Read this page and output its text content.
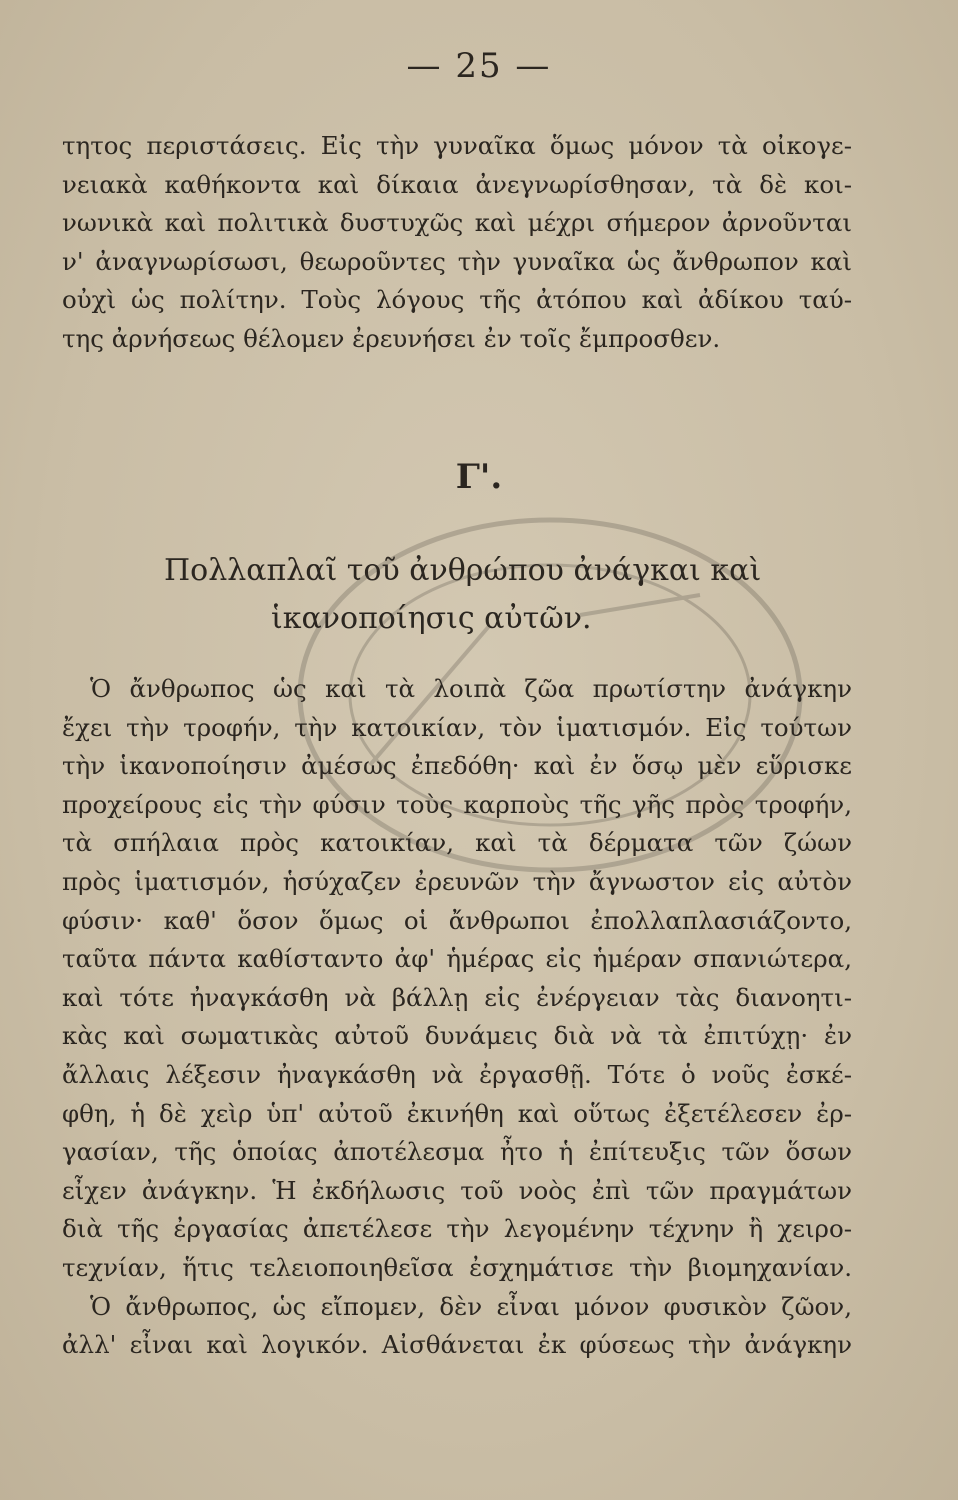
— 25 —
τητος περιστάσεις. Εἰς τὴν γυναῖκα ὅμως μόνον τὰ οἰκογε-
νειακὰ καθήκοντα καὶ δίκαια ἀνεγνωρίσθησαν, τὰ δὲ κοι-
νωνικὰ καὶ πολιτικὰ δυστυχῶς καὶ μέχρι σήμερον ἀρνοῦνται
ν' ἀναγνωρίσωσι, θεωροῦντες τὴν γυναῖκα ὡς ἄνθρωπον καὶ
οὐχὶ ὡς πολίτην. Τοὺς λόγους τῆς ἀτόπου καὶ ἀδίκου ταύ-
της ἀρνήσεως θέλομεν ἐρευνήσει ἐν τοῖς ἔμπροσθεν.
Γ'.
Πολλαπλαῖ τοῦ ἀνθρώπου ἀνάγκαι καὶ
ἱκανοποίησις αὐτῶν.
Ὁ ἄνθρωπος ὡς καὶ τὰ λοιπὰ ζῶα πρωτίστην ἀνάγκην
ἔχει τὴν τροφήν, τὴν κατοικίαν, τὸν ἱματισμόν. Εἰς τούτων
τὴν ἱκανοποίησιν ἀμέσως ἐπεδόθη· καὶ ἐν ὅσῳ μὲν εὕρισκε
προχείρους εἰς τὴν φύσιν τοὺς καρποὺς τῆς γῆς πρὸς τροφήν,
τὰ σπήλαια πρὸς κατοικίαν, καὶ τὰ δέρματα τῶν ζώων
πρὸς ἱματισμόν, ἡσύχαζεν ἐρευνῶν τὴν ἄγνωστον εἰς αὐτὸν
φύσιν· καθ' ὅσον ὅμως οἱ ἄνθρωποι ἐπολλαπλασιάζοντο,
ταῦτα πάντα καθίσταντο ἀφ' ἡμέρας εἰς ἡμέραν σπανιώτερα,
καὶ τότε ἠναγκάσθη νὰ βάλλῃ εἰς ἐνέργειαν τὰς διανοητι-
κὰς καὶ σωματικὰς αὐτοῦ δυνάμεις διὰ νὰ τὰ ἐπιτύχῃ· ἐν
ἄλλαις λέξεσιν ἠναγκάσθη νὰ ἐργασθῇ. Τότε ὁ νοῦς ἐσκέ-
φθη, ἡ δὲ χεὶρ ὑπ' αὐτοῦ ἐκινήθη καὶ οὕτως ἐξετέλεσεν ἐρ-
γασίαν, τῆς ὁποίας ἀποτέλεσμα ἦτο ἡ ἐπίτευξις τῶν ὅσων
εἶχεν ἀνάγκην. Ἡ ἐκδήλωσις τοῦ νοὸς ἐπὶ τῶν πραγμάτων
διὰ τῆς ἐργασίας ἀπετέλεσε τὴν λεγομένην τέχνην ἢ χειρο-
τεχνίαν, ἥτις τελειοποιηθεῖσα ἐσχημάτισε τὴν βιομηχανίαν.
Ὁ ἄνθρωπος, ὡς εἴπομεν, δὲν εἶναι μόνον φυσικὸν ζῶον,
ἀλλ' εἶναι καὶ λογικόν. Αἰσθάνεται ἐκ φύσεως τὴν ἀνάγκην
